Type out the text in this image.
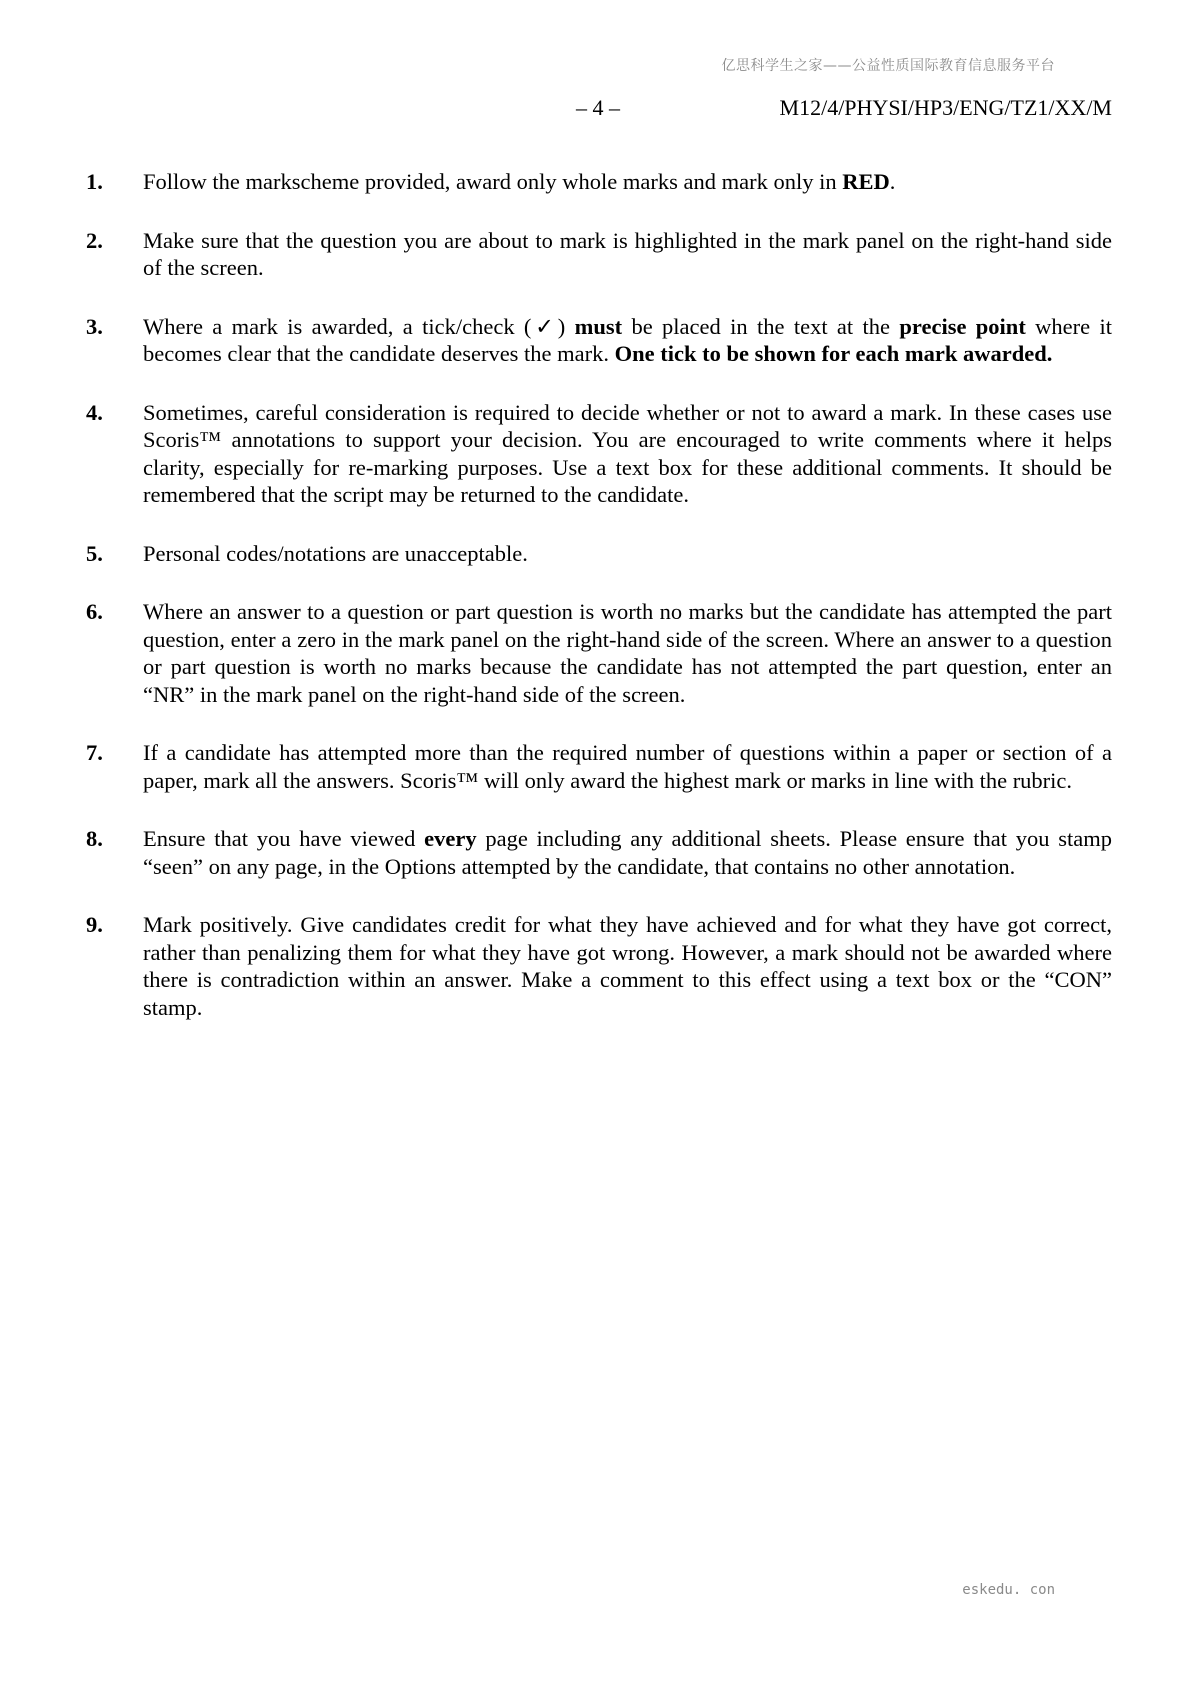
亿思科学生之家——公益性质国际教育信息服务平台
– 4 –	M12/4/PHYSI/HP3/ENG/TZ1/XX/M
1.	Follow the markscheme provided, award only whole marks and mark only in RED.
2.	Make sure that the question you are about to mark is highlighted in the mark panel on the right-hand side of the screen.
3.	Where a mark is awarded, a tick/check (✓) must be placed in the text at the precise point where it becomes clear that the candidate deserves the mark. One tick to be shown for each mark awarded.
4.	Sometimes, careful consideration is required to decide whether or not to award a mark. In these cases use Scoris™ annotations to support your decision. You are encouraged to write comments where it helps clarity, especially for re-marking purposes. Use a text box for these additional comments. It should be remembered that the script may be returned to the candidate.
5.	Personal codes/notations are unacceptable.
6.	Where an answer to a question or part question is worth no marks but the candidate has attempted the part question, enter a zero in the mark panel on the right-hand side of the screen. Where an answer to a question or part question is worth no marks because the candidate has not attempted the part question, enter an “NR” in the mark panel on the right-hand side of the screen.
7.	If a candidate has attempted more than the required number of questions within a paper or section of a paper, mark all the answers. Scoris™ will only award the highest mark or marks in line with the rubric.
8.	Ensure that you have viewed every page including any additional sheets. Please ensure that you stamp “seen” on any page, in the Options attempted by the candidate, that contains no other annotation.
9.	Mark positively. Give candidates credit for what they have achieved and for what they have got correct, rather than penalizing them for what they have got wrong. However, a mark should not be awarded where there is contradiction within an answer. Make a comment to this effect using a text box or the “CON” stamp.
eskedu. con
